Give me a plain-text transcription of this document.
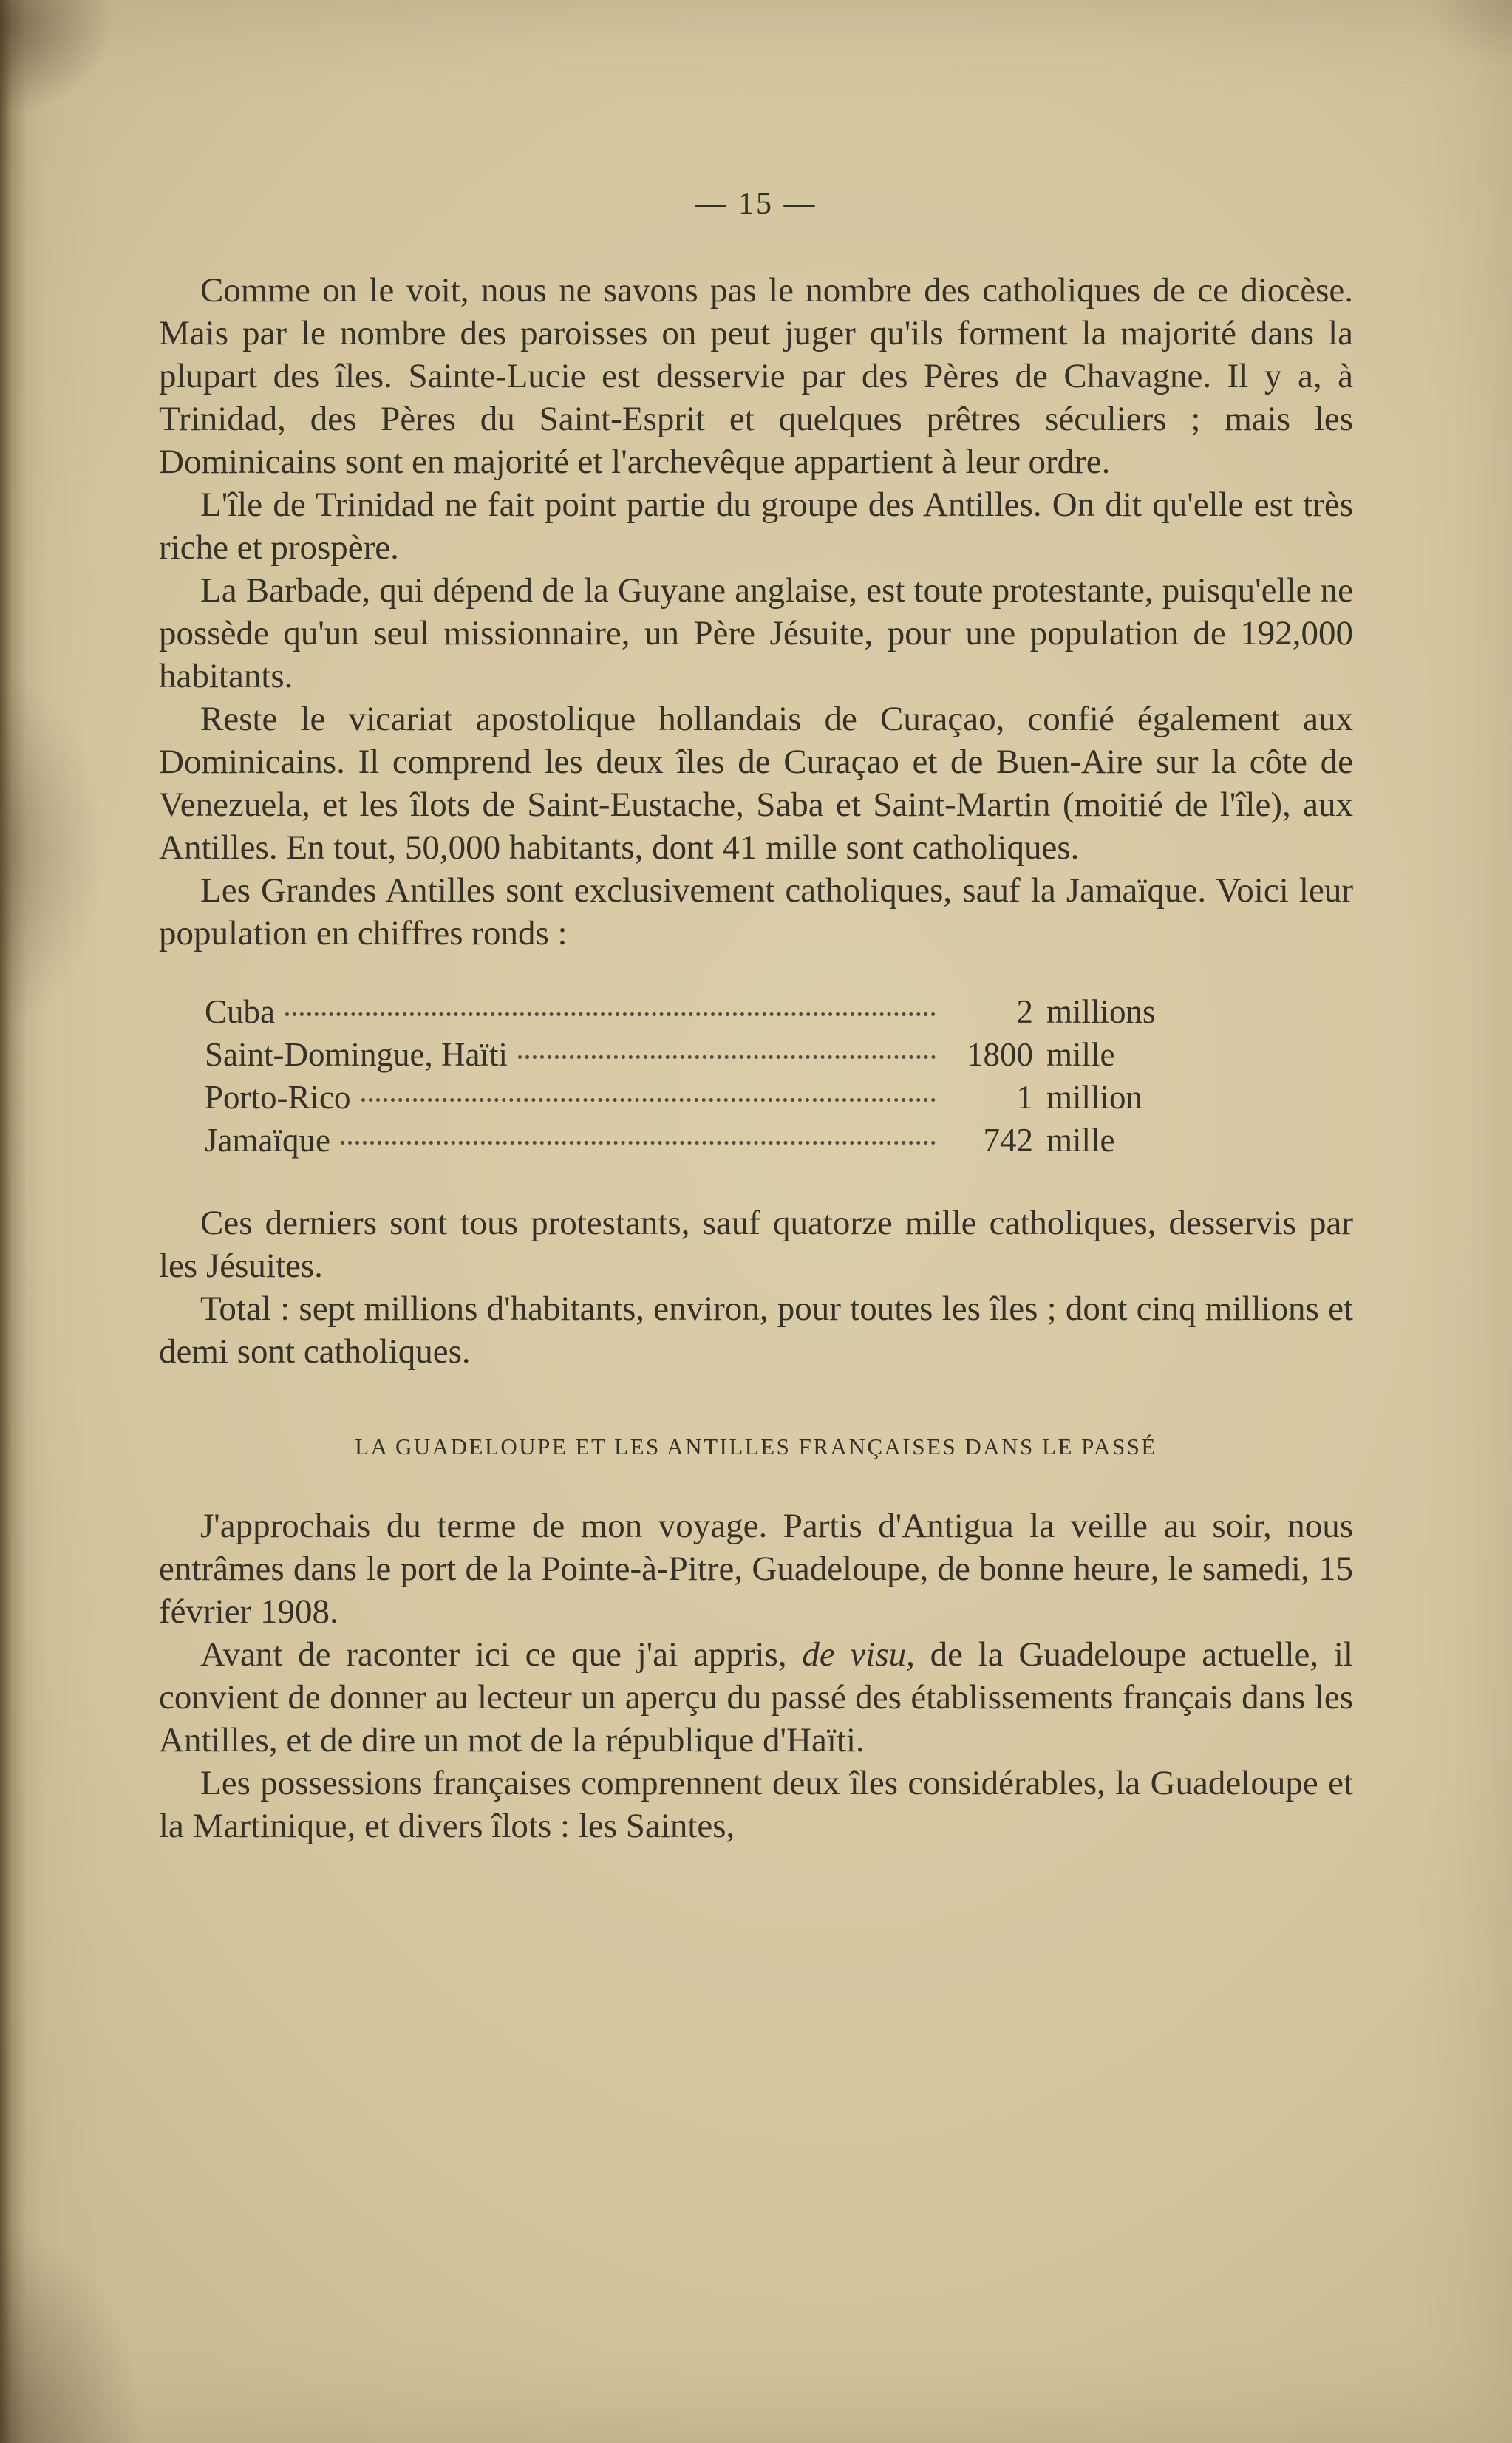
— 15 —

Comme on le voit, nous ne savons pas le nombre des catholiques de ce diocèse. Mais par le nombre des paroisses on peut juger qu'ils forment la majorité dans la plupart des îles. Sainte-Lucie est desservie par des Pères de Chavagne. Il y a, à Trinidad, des Pères du Saint-Esprit et quelques prêtres séculiers ; mais les Dominicains sont en majorité et l'archevêque appartient à leur ordre.

L'île de Trinidad ne fait point partie du groupe des Antilles. On dit qu'elle est très riche et prospère.

La Barbade, qui dépend de la Guyane anglaise, est toute protestante, puisqu'elle ne possède qu'un seul missionnaire, un Père Jésuite, pour une population de 192,000 habitants.

Reste le vicariat apostolique hollandais de Curaçao, confié également aux Dominicains. Il comprend les deux îles de Curaçao et de Buen-Aire sur la côte de Venezuela, et les îlots de Saint-Eustache, Saba et Saint-Martin (moitié de l'île), aux Antilles. En tout, 50,000 habitants, dont 41 mille sont catholiques.

Les Grandes Antilles sont exclusivement catholiques, sauf la Jamaïque. Voici leur population en chiffres ronds :

Cuba	2 millions
Saint-Domingue, Haïti	1800 mille
Porto-Rico	1 million
Jamaïque	742 mille

Ces derniers sont tous protestants, sauf quatorze mille catholiques, desservis par les Jésuites.

Total : sept millions d'habitants, environ, pour toutes les îles ; dont cinq millions et demi sont catholiques.

LA GUADELOUPE ET LES ANTILLES FRANÇAISES DANS LE PASSÉ

J'approchais du terme de mon voyage. Partis d'Antigua la veille au soir, nous entrâmes dans le port de la Pointe-à-Pitre, Guadeloupe, de bonne heure, le samedi, 15 février 1908.

Avant de raconter ici ce que j'ai appris, de visu, de la Guadeloupe actuelle, il convient de donner au lecteur un aperçu du passé des établissements français dans les Antilles, et de dire un mot de la république d'Haïti.

Les possessions françaises comprennent deux îles considérables, la Guadeloupe et la Martinique, et divers îlots : les Saintes,
